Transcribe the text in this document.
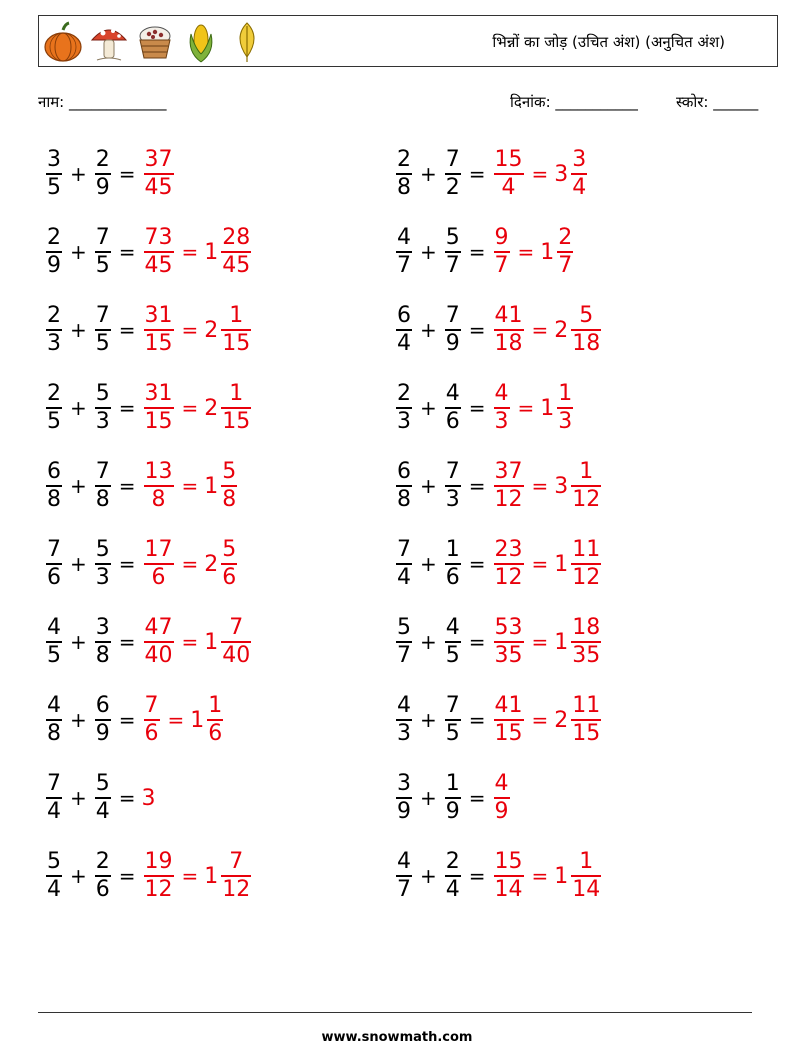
भिन्नों का जोड़ (उचित अंश) (अनुचित अंश)
नाम: _____________	दिनांक: ___________	स्कोर: ______
$\frac{3}{5} + \frac{2}{9} = \frac{37}{45}$
$\frac{2}{9} + \frac{7}{5} = \frac{73}{45} = 1 \frac{28}{45}$
$\frac{2}{3} + \frac{7}{5} = \frac{31}{15} = 2 \frac{1}{15}$
$\frac{2}{5} + \frac{5}{3} = \frac{31}{15} = 2 \frac{1}{15}$
$\frac{6}{8} + \frac{7}{8} = \frac{13}{8} = 1 \frac{5}{8}$
$\frac{7}{6} + \frac{5}{3} = \frac{17}{6} = 2 \frac{5}{6}$
$\frac{4}{5} + \frac{3}{8} = \frac{47}{40} = 1 \frac{7}{40}$
$\frac{4}{8} + \frac{6}{9} = \frac{7}{6} = 1 \frac{1}{6}$
$\frac{7}{4} + \frac{5}{4} = 3$
$\frac{5}{4} + \frac{2}{6} = \frac{19}{12} = 1 \frac{7}{12}$
$\frac{2}{8} + \frac{7}{2} = \frac{15}{4} = 3 \frac{3}{4}$
$\frac{4}{7} + \frac{5}{7} = \frac{9}{7} = 1 \frac{2}{7}$
$\frac{6}{4} + \frac{7}{9} = \frac{41}{18} = 2 \frac{5}{18}$
$\frac{2}{3} + \frac{4}{6} = \frac{4}{3} = 1 \frac{1}{3}$
$\frac{6}{8} + \frac{7}{3} = \frac{37}{12} = 3 \frac{1}{12}$
$\frac{7}{4} + \frac{1}{6} = \frac{23}{12} = 1 \frac{11}{12}$
$\frac{5}{7} + \frac{4}{5} = \frac{53}{35} = 1 \frac{18}{35}$
$\frac{4}{3} + \frac{7}{5} = \frac{41}{15} = 2 \frac{11}{15}$
$\frac{3}{9} + \frac{1}{9} = \frac{4}{9}$
$\frac{4}{7} + \frac{2}{4} = \frac{15}{14} = 1 \frac{1}{14}$
www.snowmath.com
